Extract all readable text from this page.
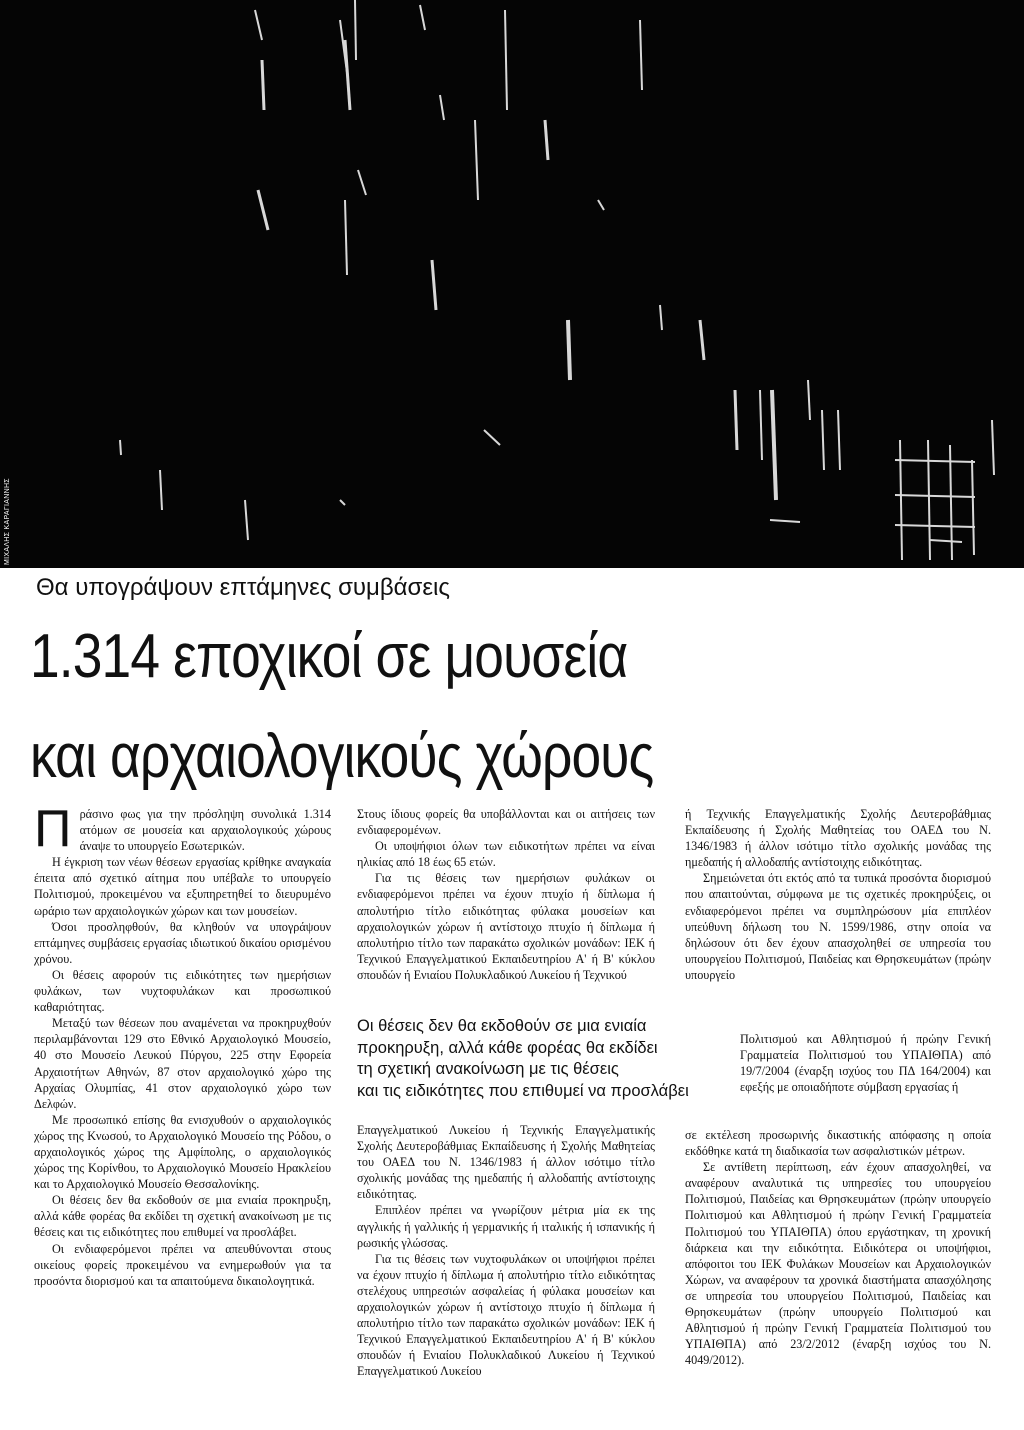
ΜΙΧΑΛΗΣ ΚΑΡΑΓΙΑΝΝΗΣ
Θα υπογράψουν επτάμηνες συμβάσεις
1.314 εποχικοί σε μουσεία
και αρχαιολογικούς χώρους
Π ράσινο φως για την πρόσληψη συνολικά 1.314 ατόμων σε μουσεία και αρχαιολογικούς χώρους άναψε το υπουργείο Εσωτερικών.

Η έγκριση των νέων θέσεων εργασίας κρίθηκε αναγκαία έπειτα από σχετικό αίτημα που υπέβαλε το υπουργείο Πολιτισμού, προκειμένου να εξυπηρετηθεί το διευρυμένο ωράριο των αρχαιολογικών χώρων και των μουσείων.

Όσοι προσληφθούν, θα κληθούν να υπογράψουν επτάμηνες συμβάσεις εργασίας ιδιωτικού δικαίου ορισμένου χρόνου.

Οι θέσεις αφορούν τις ειδικότητες των ημερήσιων φυλάκων, των νυχτοφυλάκων και προσωπικού καθαριότητας.

Μεταξύ των θέσεων που αναμένεται να προκηρυχθούν περιλαμβάνονται 129 στο Εθνικό Αρχαιολογικό Μουσείο, 40 στο Μουσείο Λευκού Πύργου, 225 στην Εφορεία Αρχαιοτήτων Αθηνών, 87 στον αρχαιολογικό χώρο της Αρχαίας Ολυμπίας, 41 στον αρχαιολογικό χώρο των Δελφών.

Με προσωπικό επίσης θα ενισχυθούν ο αρχαιολογικός χώρος της Κνωσού, το Αρχαιολογικό Μουσείο της Ρόδου, ο αρχαιολογικός χώρος της Αμφίπολης, ο αρχαιολογικός χώρος της Κορίνθου, το Αρχαιολογικό Μουσείο Ηρακλείου και το Αρχαιολογικό Μουσείο Θεσσαλονίκης.

Οι θέσεις δεν θα εκδοθούν σε μια ενιαία προκηρυξη, αλλά κάθε φορέας θα εκδίδει τη σχετική ανακοίνωση με τις θέσεις και τις ειδικότητες που επιθυμεί να προσλάβει.

Οι ενδιαφερόμενοι πρέπει να απευθύνονται στους οικείους φορείς προκειμένου να ενημερωθούν για τα προσόντα διορισμού και τα απαιτούμενα δικαιολογητικά.

Στους ίδιους φορείς θα υποβάλλονται και οι αιτήσεις των ενδιαφερομένων.

Οι υποψήφιοι όλων των ειδικοτήτων πρέπει να είναι ηλικίας από 18 έως 65 ετών.

Για τις θέσεις των ημερήσιων φυλάκων οι ενδιαφερόμενοι πρέπει να έχουν πτυχίο ή δίπλωμα ή απολυτήριο τίτλο ειδικότητας φύλακα μουσείων και αρχαιολογικών χώρων ή αντίστοιχο πτυχίο ή δίπλωμα ή απολυτήριο τίτλο των παρακάτω σχολικών μονάδων: ΙΕΚ ή Τεχνικού Επαγγελματικού Εκπαιδευτηρίου Α' ή Β' κύκλου σπουδών ή Ενιαίου Πολυκλαδικού Λυκείου ή Τεχνικού

Οι θέσεις δεν θα εκδοθούν σε μια ενιαία
προκηρυξη, αλλά κάθε φορέας θα εκδίδει
τη σχετική ανακοίνωση με τις θέσεις
και τις ειδικότητες που επιθυμεί να προσλάβει

Επαγγελματικού Λυκείου ή Τεχνικής Επαγγελματικής Σχολής Δευτεροβάθμιας Εκπαίδευσης ή Σχολής Μαθητείας του ΟΑΕΔ του Ν. 1346/1983 ή άλλον ισότιμο τίτλο σχολικής μονάδας της ημεδαπής ή αλλοδαπής αντίστοιχης ειδικότητας.

Επιπλέον πρέπει να γνωρίζουν μέτρια μία εκ της αγγλικής ή γαλλικής ή γερμανικής ή ιταλικής ή ισπανικής ή ρωσικής γλώσσας.

Για τις θέσεις των νυχτοφυλάκων οι υποψήφιοι πρέπει να έχουν πτυχίο ή δίπλωμα ή απολυτήριο τίτλο ειδικότητας στελέχους υπηρεσιών ασφαλείας ή φύλακα μουσείων και αρχαιολογικών χώρων ή αντίστοιχο πτυχίο ή δίπλωμα ή απολυτήριο τίτλο των παρακάτω σχολικών μονάδων: ΙΕΚ ή Τεχνικού Επαγγελματικού Εκπαιδευτηρίου Α' ή Β' κύκλου σπουδών ή Ενιαίου Πολυκλαδικού Λυκείου ή Τεχνικού Επαγγελματικού Λυκείου

ή Τεχνικής Επαγγελματικής Σχολής Δευτεροβάθμιας Εκπαίδευσης ή Σχολής Μαθητείας του ΟΑΕΔ του Ν. 1346/1983 ή άλλον ισότιμο τίτλο σχολικής μονάδας της ημεδαπής ή αλλοδαπής αντίστοιχης ειδικότητας.

Σημειώνεται ότι εκτός από τα τυπικά προσόντα διορισμού που απαιτούνται, σύμφωνα με τις σχετικές προκηρύξεις, οι ενδιαφερόμενοι πρέπει να συμπληρώσουν μία επιπλέον υπεύθυνη δήλωση του Ν. 1599/1986, στην οποία να δηλώσουν ότι δεν έχουν απασχοληθεί σε υπηρεσία του υπουργείου Πολιτισμού, Παιδείας και Θρησκευμάτων (πρώην υπουργείο

Πολιτισμού και Αθλητισμού ή πρώην Γενική Γραμματεία Πολιτισμού του ΥΠΑΙΘΠΑ) από 19/7/2004 (έναρξη ισχύος του ΠΔ 164/2004) και εφεξής με οποιαδήποτε σύμβαση εργασίας ή

σε εκτέλεση προσωρινής δικαστικής απόφασης η οποία εκδόθηκε κατά τη διαδικασία των ασφαλιστικών μέτρων.

Σε αντίθετη περίπτωση, εάν έχουν απασχοληθεί, να αναφέρουν αναλυτικά τις υπηρεσίες του υπουργείου Πολιτισμού, Παιδείας και Θρησκευμάτων (πρώην υπουργείο Πολιτισμού και Αθλητισμού ή πρώην Γενική Γραμματεία Πολιτισμού του ΥΠΑΙΘΠΑ) όπου εργάστηκαν, τη χρονική διάρκεια και την ειδικότητα. Ειδικότερα οι υποψήφιοι, απόφοιτοι του ΙΕΚ Φυλάκων Μουσείων και Αρχαιολογικών Χώρων, να αναφέρουν τα χρονικά διαστήματα απασχόλησης σε υπηρεσία του υπουργείου Πολιτισμού, Παιδείας και Θρησκευμάτων (πρώην υπουργείο Πολιτισμού και Αθλητισμού ή πρώην Γενική Γραμματεία Πολιτισμού του ΥΠΑΙΘΠΑ) από 23/2/2012 (έναρξη ισχύος του Ν. 4049/2012).
